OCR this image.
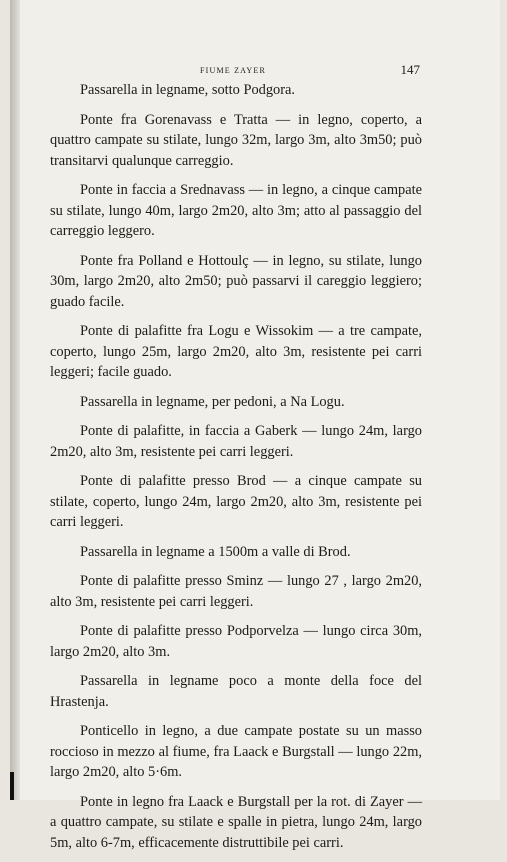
FIUME ZAYER	147

Passarella in legname, sotto Podgora.

Ponte fra Gorenavass e Tratta — in legno, coperto, a quattro campate su stilate, lungo 32m, largo 3m, alto 3m50; può transitarvi qualunque carreggio.

Ponte in faccia a Srednavass — in legno, a cinque campate su stilate, lungo 40m, largo 2m20, alto 3m; atto al passaggio del carreggio leggero.

Ponte fra Polland e Hottoulç — in legno, su stilate, lungo 30m, largo 2m20, alto 2m50; può passarvi il careggio leggiero; guado facile.

Ponte di palafitte fra Logu e Wissokim — a tre campate, coperto, lungo 25m, largo 2m20, alto 3m, resistente pei carri leggeri; facile guado.

Passarella in legname, per pedoni, a Na Logu.

Ponte di palafitte, in faccia a Gaberk — lungo 24m, largo 2m20, alto 3m, resistente pei carri leggeri.

Ponte di palafitte presso Brod — a cinque campate su stilate, coperto, lungo 24m, largo 2m20, alto 3m, resistente pei carri leggeri.

Passarella in legname a 1500m a valle di Brod.

Ponte di palafitte presso Sminz — lungo 27 , largo 2m20, alto 3m, resistente pei carri leggeri.

Ponte di palafitte presso Podporvelza — lungo circa 30m, largo 2m20, alto 3m.

Passarella in legname poco a monte della foce del Hrastenja.

Ponticello in legno, a due campate postate su un masso roccioso in mezzo al fiume, fra Laack e Burgstall — lungo 22m, largo 2m20, alto 5·6m.

Ponte in legno fra Laack e Burgstall per la rot. di Zayer — a quattro campate, su stilate e spalle in pietra, lungo 24m, largo 5m, alto 6-7m, efficacemente distruttibile pei carri.
